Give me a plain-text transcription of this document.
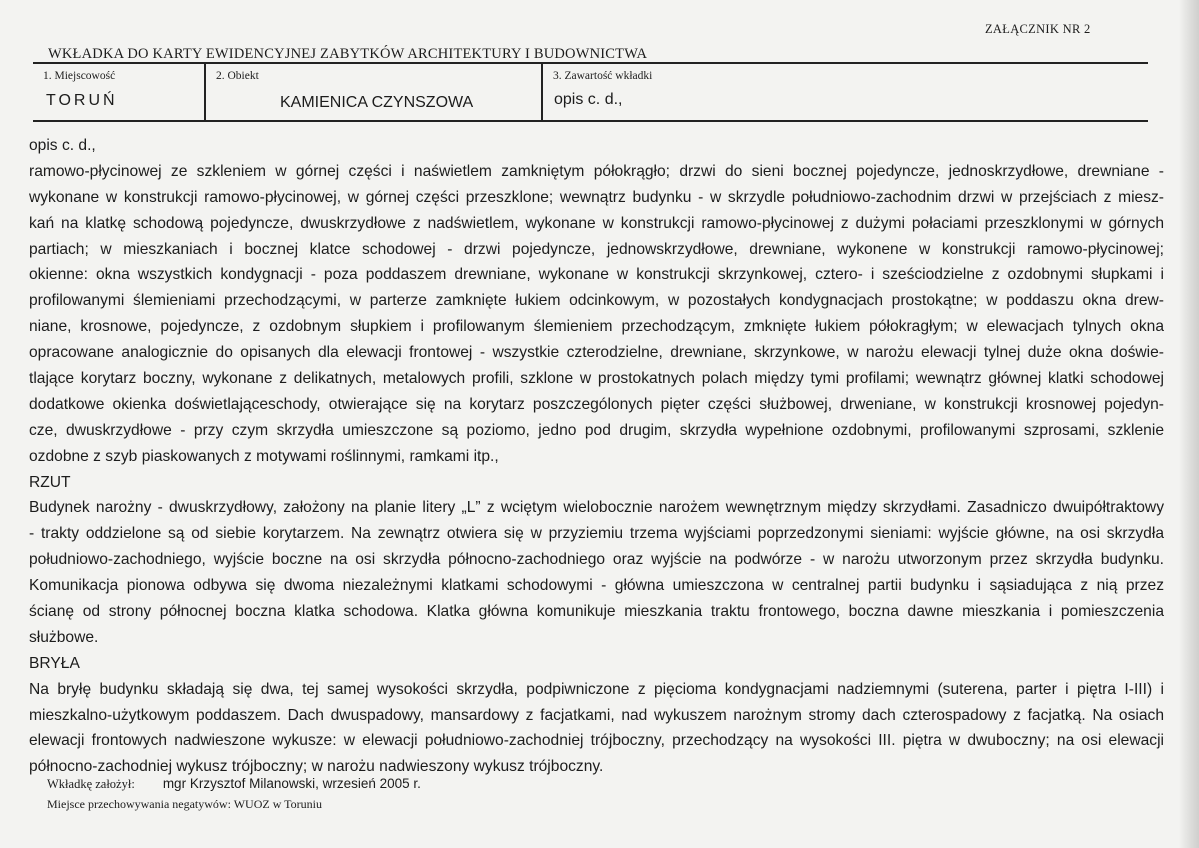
ZAŁĄCZNIK NR 2
WKŁADKA DO KARTY EWIDENCYJNEJ ZABYTKÓW ARCHITEKTURY I BUDOWNICTWA
1. Miejscowość
TORUŃ
2. Obiekt
KAMIENICA CZYNSZOWA
3. Zawartość wkładki
opis c. d.,
opis c. d.,
ramowo-płycinowej ze szkleniem w górnej części i naświetlem zamkniętym półokrągło; drzwi do sieni bocznej pojedyncze, jednoskrzydłowe, drewniane -
wykonane w konstrukcji ramowo-płycinowej, w górnej części przeszklone; wewnątrz budynku - w skrzydle południowo-zachodnim drzwi w przejściach z miesz-
kań na klatkę schodową pojedyncze, dwuskrzydłowe z nadświetlem, wykonane w konstrukcji ramowo-płycinowej z dużymi połaciami przeszklonymi w górnych
partiach; w mieszkaniach i bocznej klatce schodowej - drzwi pojedyncze, jednowskrzydłowe, drewniane, wykonene w konstrukcji ramowo-płycinowej;
okienne: okna wszystkich kondygnacji - poza poddaszem drewniane, wykonane w konstrukcji skrzynkowej, cztero- i sześciodzielne z ozdobnymi słupkami i
profilowanymi ślemieniami przechodzącymi, w parterze zamknięte łukiem odcinkowym, w pozostałych kondygnacjach prostokątne; w poddaszu okna drew-
niane, krosnowe, pojedyncze, z ozdobnym słupkiem i profilowanym ślemieniem przechodzącym, zmknięte łukiem półokragłym; w elewacjach tylnych okna
opracowane analogicznie do opisanych dla elewacji frontowej - wszystkie czterodzielne, drewniane, skrzynkowe, w narożu elewacji tylnej duże okna doświe-
tlające korytarz boczny, wykonane z delikatnych, metalowych profili, szklone w prostokatnych polach między tymi profilami; wewnątrz głównej klatki schodowej
dodatkowe okienka doświetlająceschody, otwierające się na korytarz poszczególonych pięter części służbowej, drweniane, w konstrukcji krosnowej pojedyn-
cze, dwuskrzydłowe - przy czym skrzydła umieszczone są poziomo, jedno pod drugim, skrzydła wypełnione ozdobnymi, profilowanymi szprosami, szklenie
ozdobne z szyb piaskowanych z motywami roślinnymi, ramkami itp.,
RZUT
Budynek narożny - dwuskrzydłowy, założony na planie litery „L” z wciętym wielobocznie narożem wewnętrznym między skrzydłami. Zasadniczo dwuipółtraktowy
- trakty oddzielone są od siebie korytarzem. Na zewnątrz otwiera się w przyziemiu trzema wyjściami poprzedzonymi sieniami: wyjście główne, na osi skrzydła
południowo-zachodniego, wyjście boczne na osi skrzydła północno-zachodniego oraz wyjście na podwórze - w narożu utworzonym przez skrzydła budynku.
Komunikacja pionowa odbywa się dwoma niezależnymi klatkami schodowymi - główna umieszczona w centralnej partii budynku i sąsiadująca z nią przez
ścianę od strony północnej boczna klatka schodowa. Klatka główna komunikuje mieszkania traktu frontowego, boczna dawne mieszkania i pomieszczenia
służbowe.
BRYŁA
Na bryłę budynku składają się dwa, tej samej wysokości skrzydła, podpiwniczone z pięcioma kondygnacjami nadziemnymi (suterena, parter i piętra I-III) i
mieszkalno-użytkowym poddaszem. Dach dwuspadowy, mansardowy z facjatkami, nad wykuszem narożnym stromy dach czterospadowy z facjatką. Na osiach
elewacji frontowych nadwieszone wykusze: w elewacji południowo-zachodniej trójboczny, przechodzący na wysokości III. piętra w dwuboczny; na osi elewacji
północno-zachodniej wykusz trójboczny; w narożu nadwieszony wykusz trójboczny.
Wkładkę założył: mgr Krzysztof Milanowski, wrzesień 2005 r.
Miejsce przechowywania negatywów: WUOZ w Toruniu
